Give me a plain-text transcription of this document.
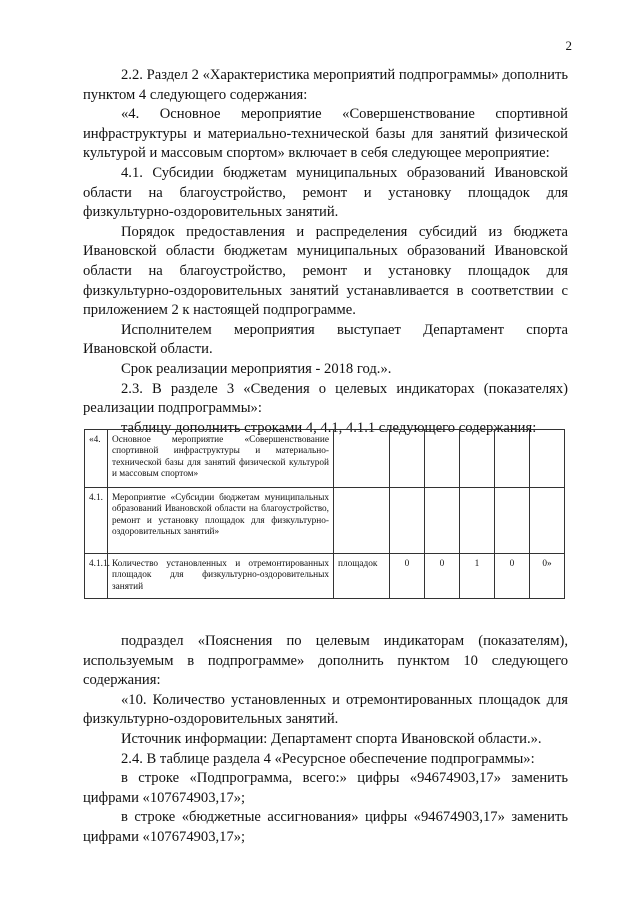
2

2.2. Раздел 2 «Характеристика мероприятий подпрограммы» дополнить пунктом 4 следующего содержания:

«4. Основное мероприятие «Совершенствование спортивной инфраструктуры и материально-технической базы для занятий физической культурой и массовым спортом» включает в себя следующее мероприятие:

4.1. Субсидии бюджетам муниципальных образований Ивановской области на благоустройство, ремонт и установку площадок для физкультурно-оздоровительных занятий.

Порядок предоставления и распределения субсидий из бюджета Ивановской области бюджетам муниципальных образований Ивановской области на благоустройство, ремонт и установку площадок для физкультурно-оздоровительных занятий устанавливается в соответствии с приложением 2 к настоящей подпрограмме.

Исполнителем мероприятия выступает Департамент спорта Ивановской области.

Срок реализации мероприятия - 2018 год.».

2.3. В разделе 3 «Сведения о целевых индикаторах (показателях) реализации подпрограммы»:

таблицу дополнить строками 4, 4.1, 4.1.1 следующего содержания:

«4.	Основное мероприятие «Совершенствование спортивной инфраструктуры и материально-технической базы для занятий физической культурой и массовым спортом»						
4.1.	Мероприятие «Субсидии бюджетам муниципальных образований Ивановской области на благоустройство, ремонт и установку площадок для физкультурно-оздоровительных занятий»						
4.1.1.	Количество установленных и отремонтированных площадок для физкультурно-оздоровительных занятий	площадок	0	0	1	0	0»

подраздел «Пояснения по целевым индикаторам (показателям), используемым в подпрограмме» дополнить пунктом 10 следующего содержания:

«10. Количество установленных и отремонтированных площадок для физкультурно-оздоровительных занятий.

Источник информации: Департамент спорта Ивановской области.».

2.4. В таблице раздела 4 «Ресурсное обеспечение подпрограммы»:

в строке «Подпрограмма, всего:» цифры «94674903,17» заменить цифрами «107674903,17»;

в строке «бюджетные ассигнования» цифры «94674903,17» заменить цифрами «107674903,17»;
